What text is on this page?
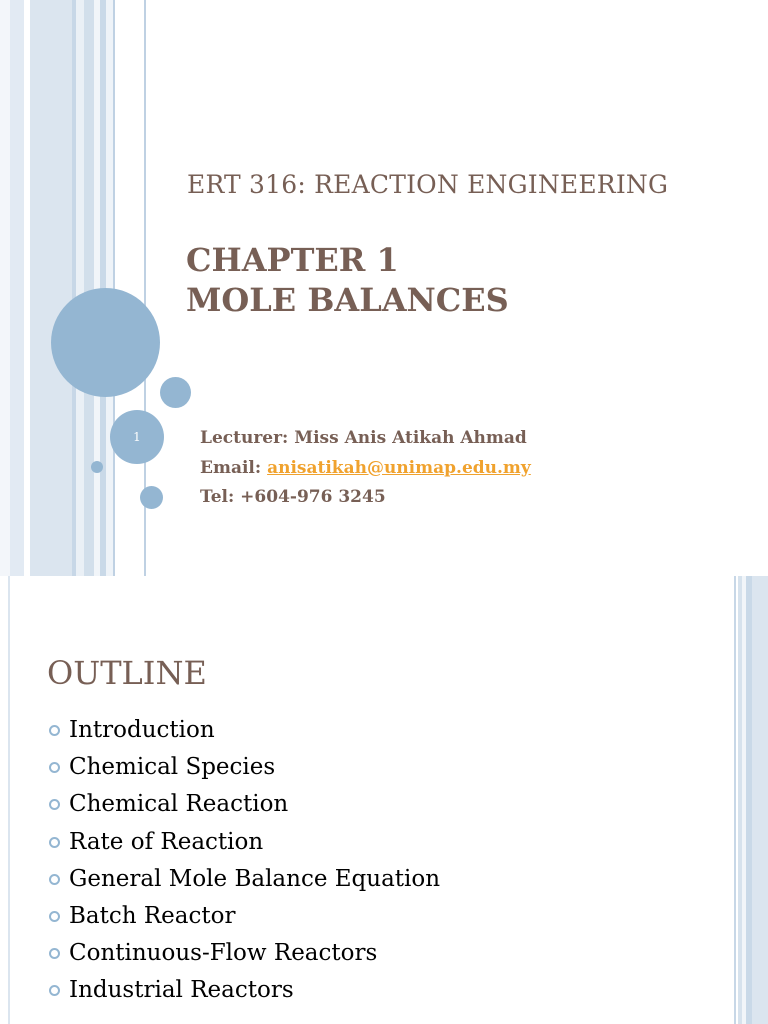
1
ERT 316: REACTION ENGINEERING
CHAPTER 1
MOLE BALANCES
Lecturer: Miss Anis Atikah Ahmad
Email: anisatikah@unimap.edu.my
Tel: +604-976 3245
OUTLINE
Introduction
Chemical Species
Chemical Reaction
Rate of Reaction
General Mole Balance Equation
Batch Reactor
Continuous-Flow Reactors
Industrial Reactors
